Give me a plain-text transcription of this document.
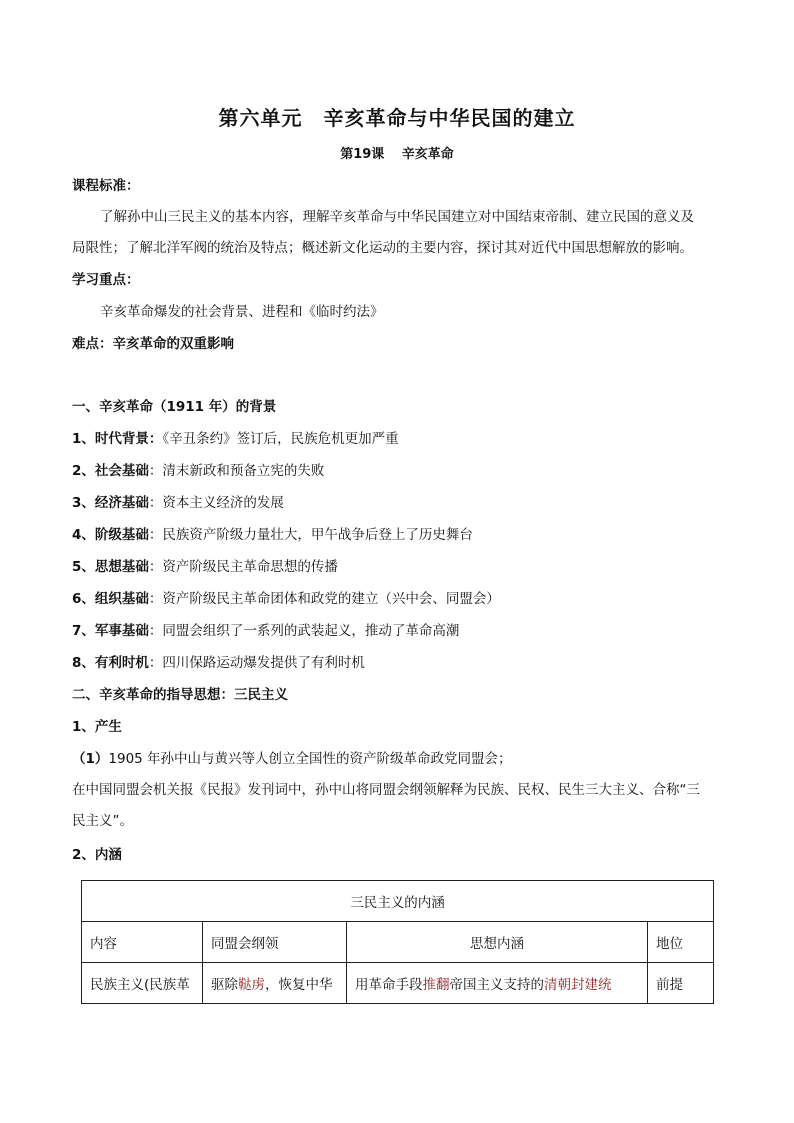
第六单元　辛亥革命与中华民国的建立
第19课　 辛亥革命
课程标准：
了解孙中山三民主义的基本内容，理解辛亥革命与中华民国建立对中国结束帝制、建立民国的意义及
局限性；了解北洋军阀的统治及特点；概述新文化运动的主要内容，探讨其对近代中国思想解放的影响。
学习重点：
辛亥革命爆发的社会背景、进程和《临时约法》
难点：辛亥革命的双重影响
一、辛亥革命（1911 年）的背景
1、时代背景：《辛丑条约》签订后，民族危机更加严重
2、社会基础：清末新政和预备立宪的失败
3、经济基础：资本主义经济的发展
4、阶级基础：民族资产阶级力量壮大，甲午战争后登上了历史舞台
5、思想基础：资产阶级民主革命思想的传播
6、组织基础：资产阶级民主革命团体和政党的建立（兴中会、同盟会）
7、军事基础：同盟会组织了一系列的武装起义，推动了革命高潮
8、有利时机：四川保路运动爆发提供了有利时机
二、辛亥革命的指导思想：三民主义
1、产生
（1）1905 年孙中山与黄兴等人创立全国性的资产阶级革命政党同盟会；
在中国同盟会机关报《民报》发刊词中，孙中山将同盟会纲领解释为民族、民权、民生三大主义、合称“三
民主义”。
2、内涵
三民主义的内涵			
内容	同盟会纲领	思想内涵	地位
民族主义(民族革	驱除鞑虏，恢复中华	用革命手段推翻帝国主义支持的清朝封建统	前提
